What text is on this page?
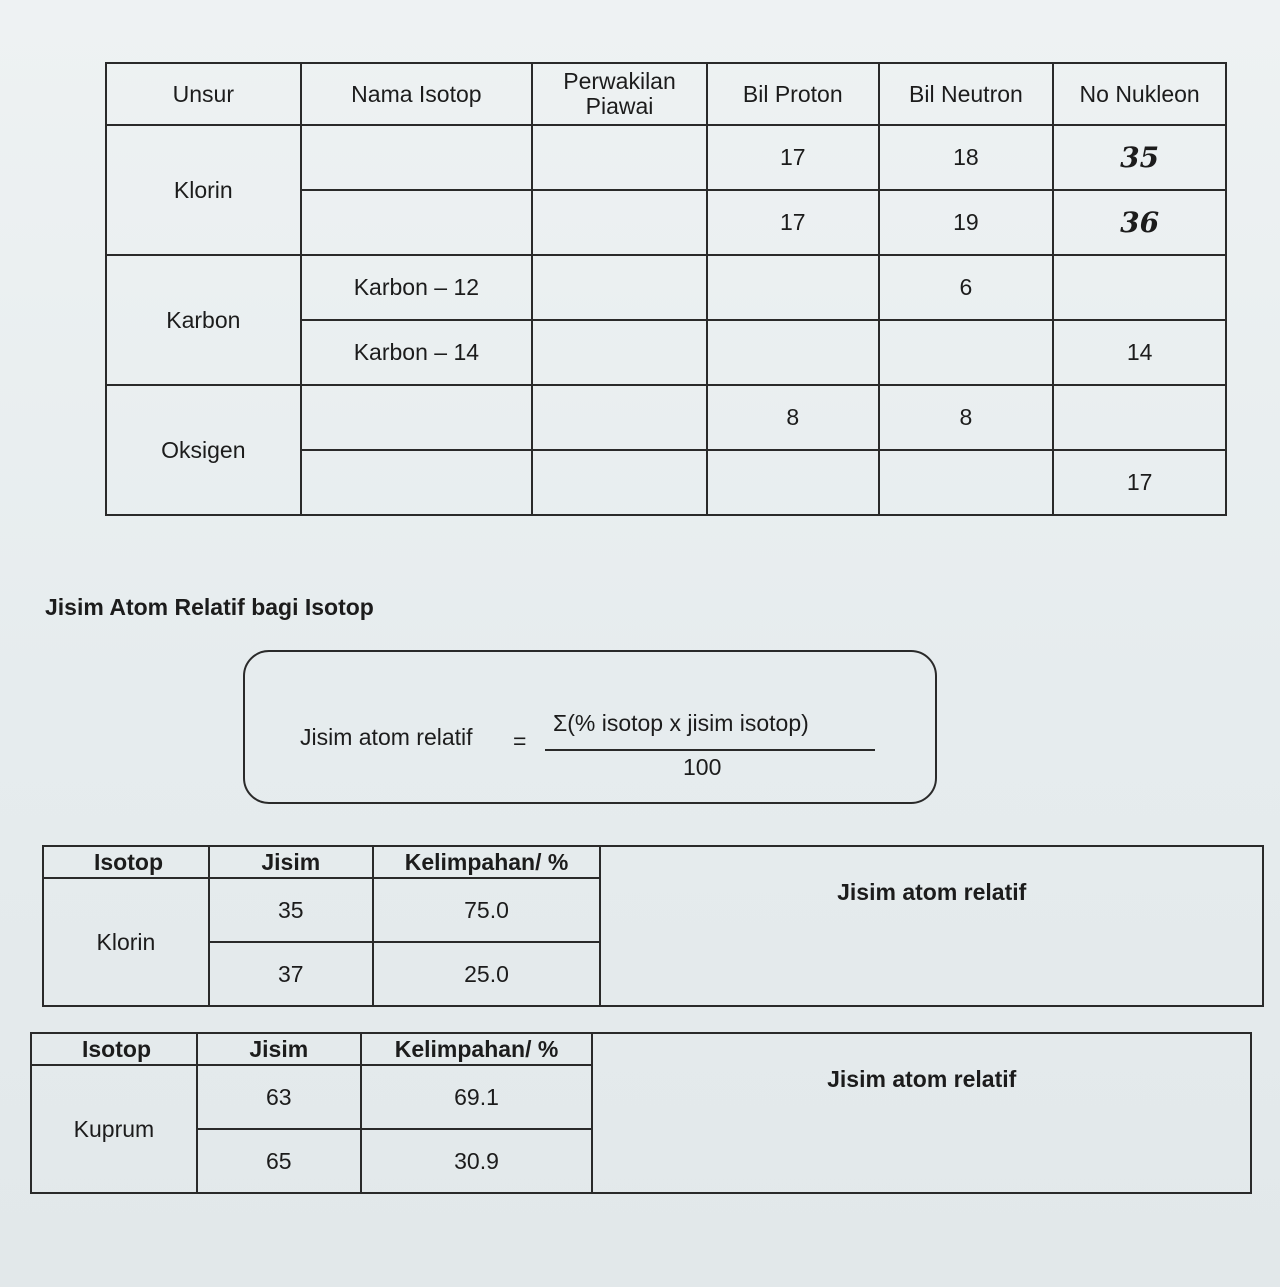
Unsur	Nama Isotop	Perwakilan Piawai	Bil Proton	Bil Neutron	No Nukleon
Klorin			17	18	35
			17	19	36
Karbon	Karbon – 12			6	
	Karbon – 14				14
Oksigen			8	8	
					17
Jisim Atom Relatif bagi Isotop
Jisim atom relatif =
Σ(% isotop x jisim isotop)
100
Isotop	Jisim	Kelimpahan/ %	Jisim atom relatif
Klorin	35	75.0	
	37	25.0	
Isotop	Jisim	Kelimpahan/ %	Jisim atom relatif
Kuprum	63	69.1	
	65	30.9	
